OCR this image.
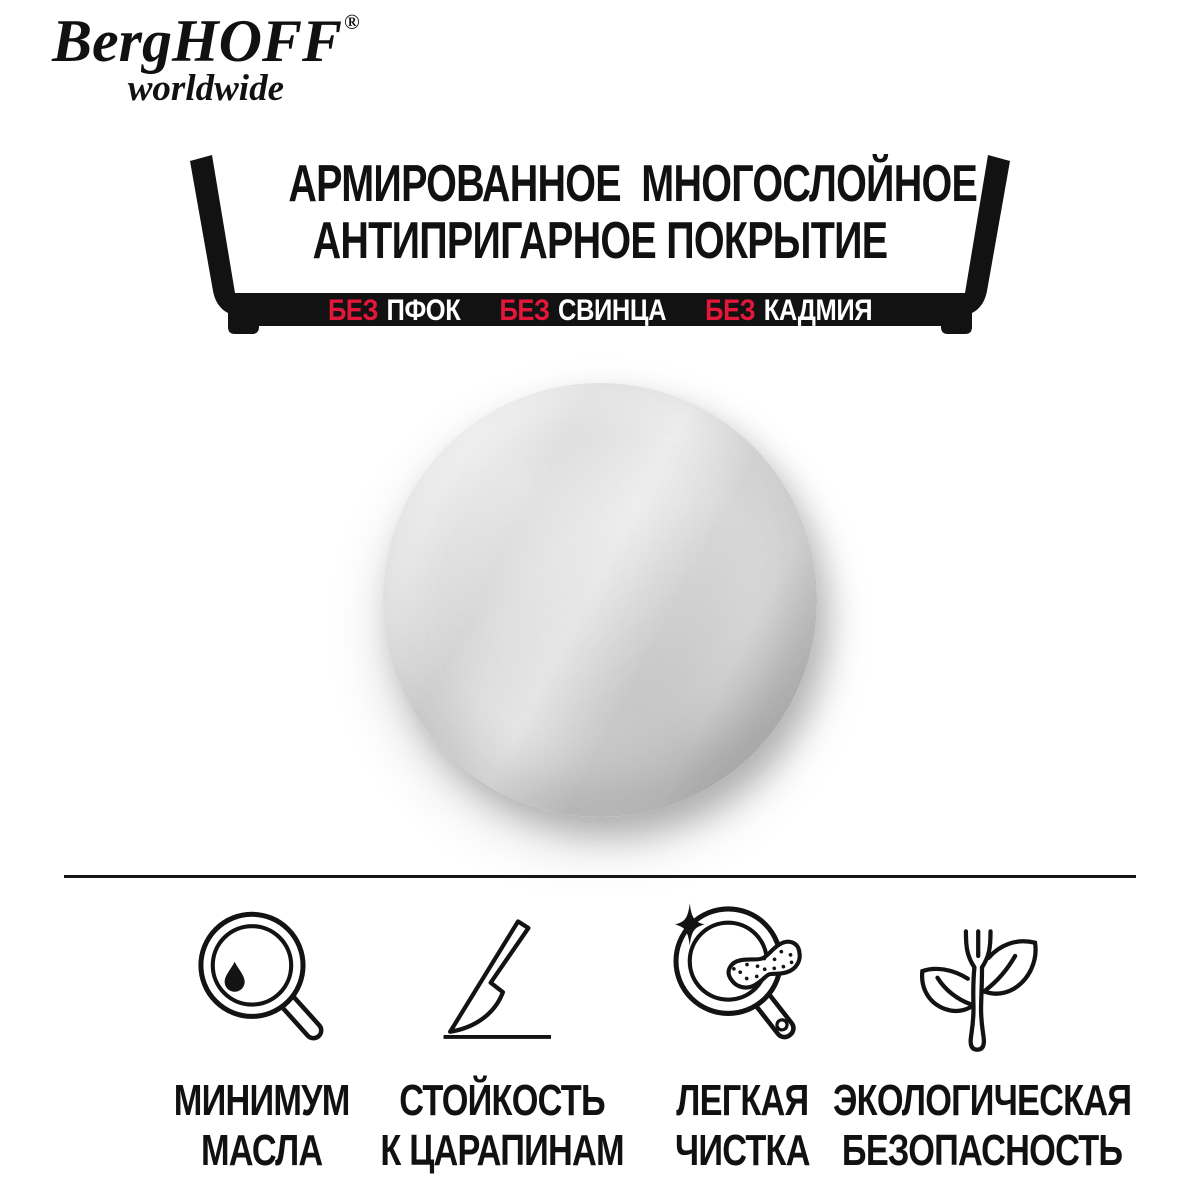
BergHOFF ®
worldwide
АРМИРОВАННОЕ  МНОГОСЛОЙНОЕ
АНТИПРИГАРНОЕ ПОКРЫТИЕ
БЕЗ ПФОК БЕЗ СВИНЦА БЕЗ КАДМИЯ
МИНИМУМ
МАСЛА
СТОЙКОСТЬ
К ЦАРАПИНАМ
ЛЕГКАЯ
ЧИСТКА
ЭКОЛОГИЧЕСКАЯ
БЕЗОПАСНОСТЬ
